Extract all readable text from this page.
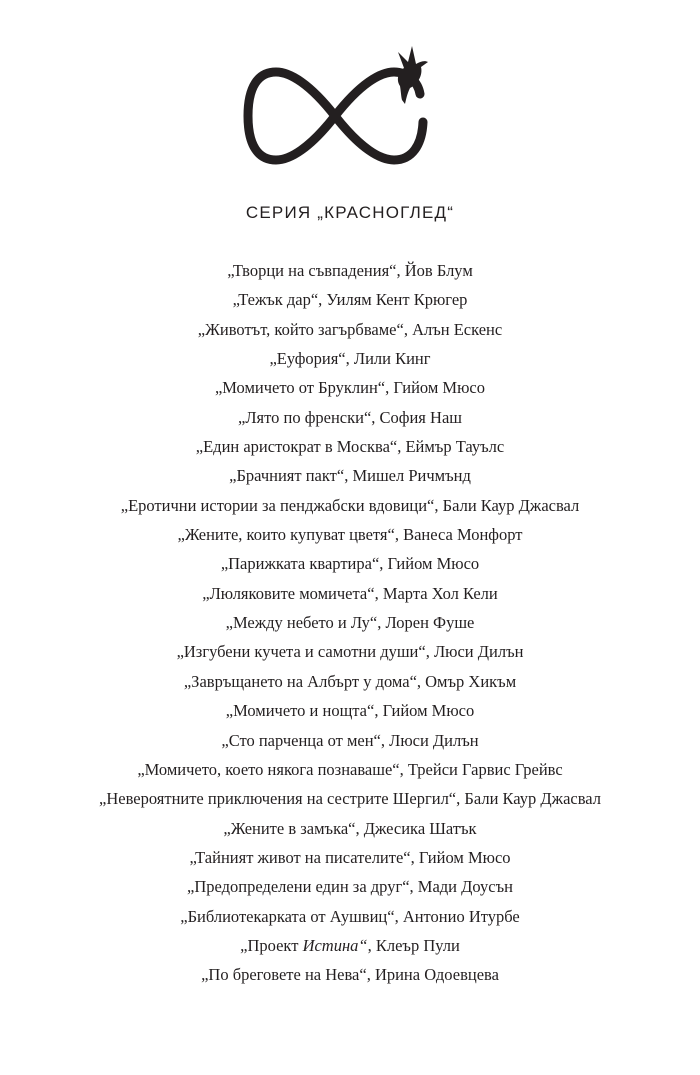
СЕРИЯ „КРАСНОГЛЕД“
„Творци на съвпадения“, Йов Блум
„Тежък дар“, Уилям Кент Крюгер
„Животът, който загърбваме“, Алън Ескенс
„Еуфория“, Лили Кинг
„Момичето от Бруклин“, Гийом Мюсо
„Лято по френски“, София Наш
„Един аристократ в Москва“, Еймър Тауълс
„Брачният пакт“, Мишел Ричмънд
„Еротични истории за пенджабски вдовици“, Бали Каур Джасвал
„Жените, които купуват цветя“, Ванеса Монфорт
„Парижката квартира“, Гийом Мюсо
„Люляковите момичета“, Марта Хол Кели
„Между небето и Лу“, Лорен Фуше
„Изгубени кучета и самотни души“, Люси Дилън
„Завръщането на Албърт у дома“, Омър Хикъм
„Момичето и нощта“, Гийом Мюсо
„Сто парченца от мен“, Люси Дилън
„Момичето, което някога познаваше“, Трейси Гарвис Грейвс
„Невероятните приключения на сестрите Шергил“, Бали Каур Джасвал
„Жените в замъка“, Джесика Шатък
„Тайният живот на писателите“, Гийом Мюсо
„Предопределени един за друг“, Мади Доусън
„Библиотекарката от Аушвиц“, Антонио Итурбе
„Проект Истина“, Клеър Пули
„По бреговете на Нева“, Ирина Одоевцева
